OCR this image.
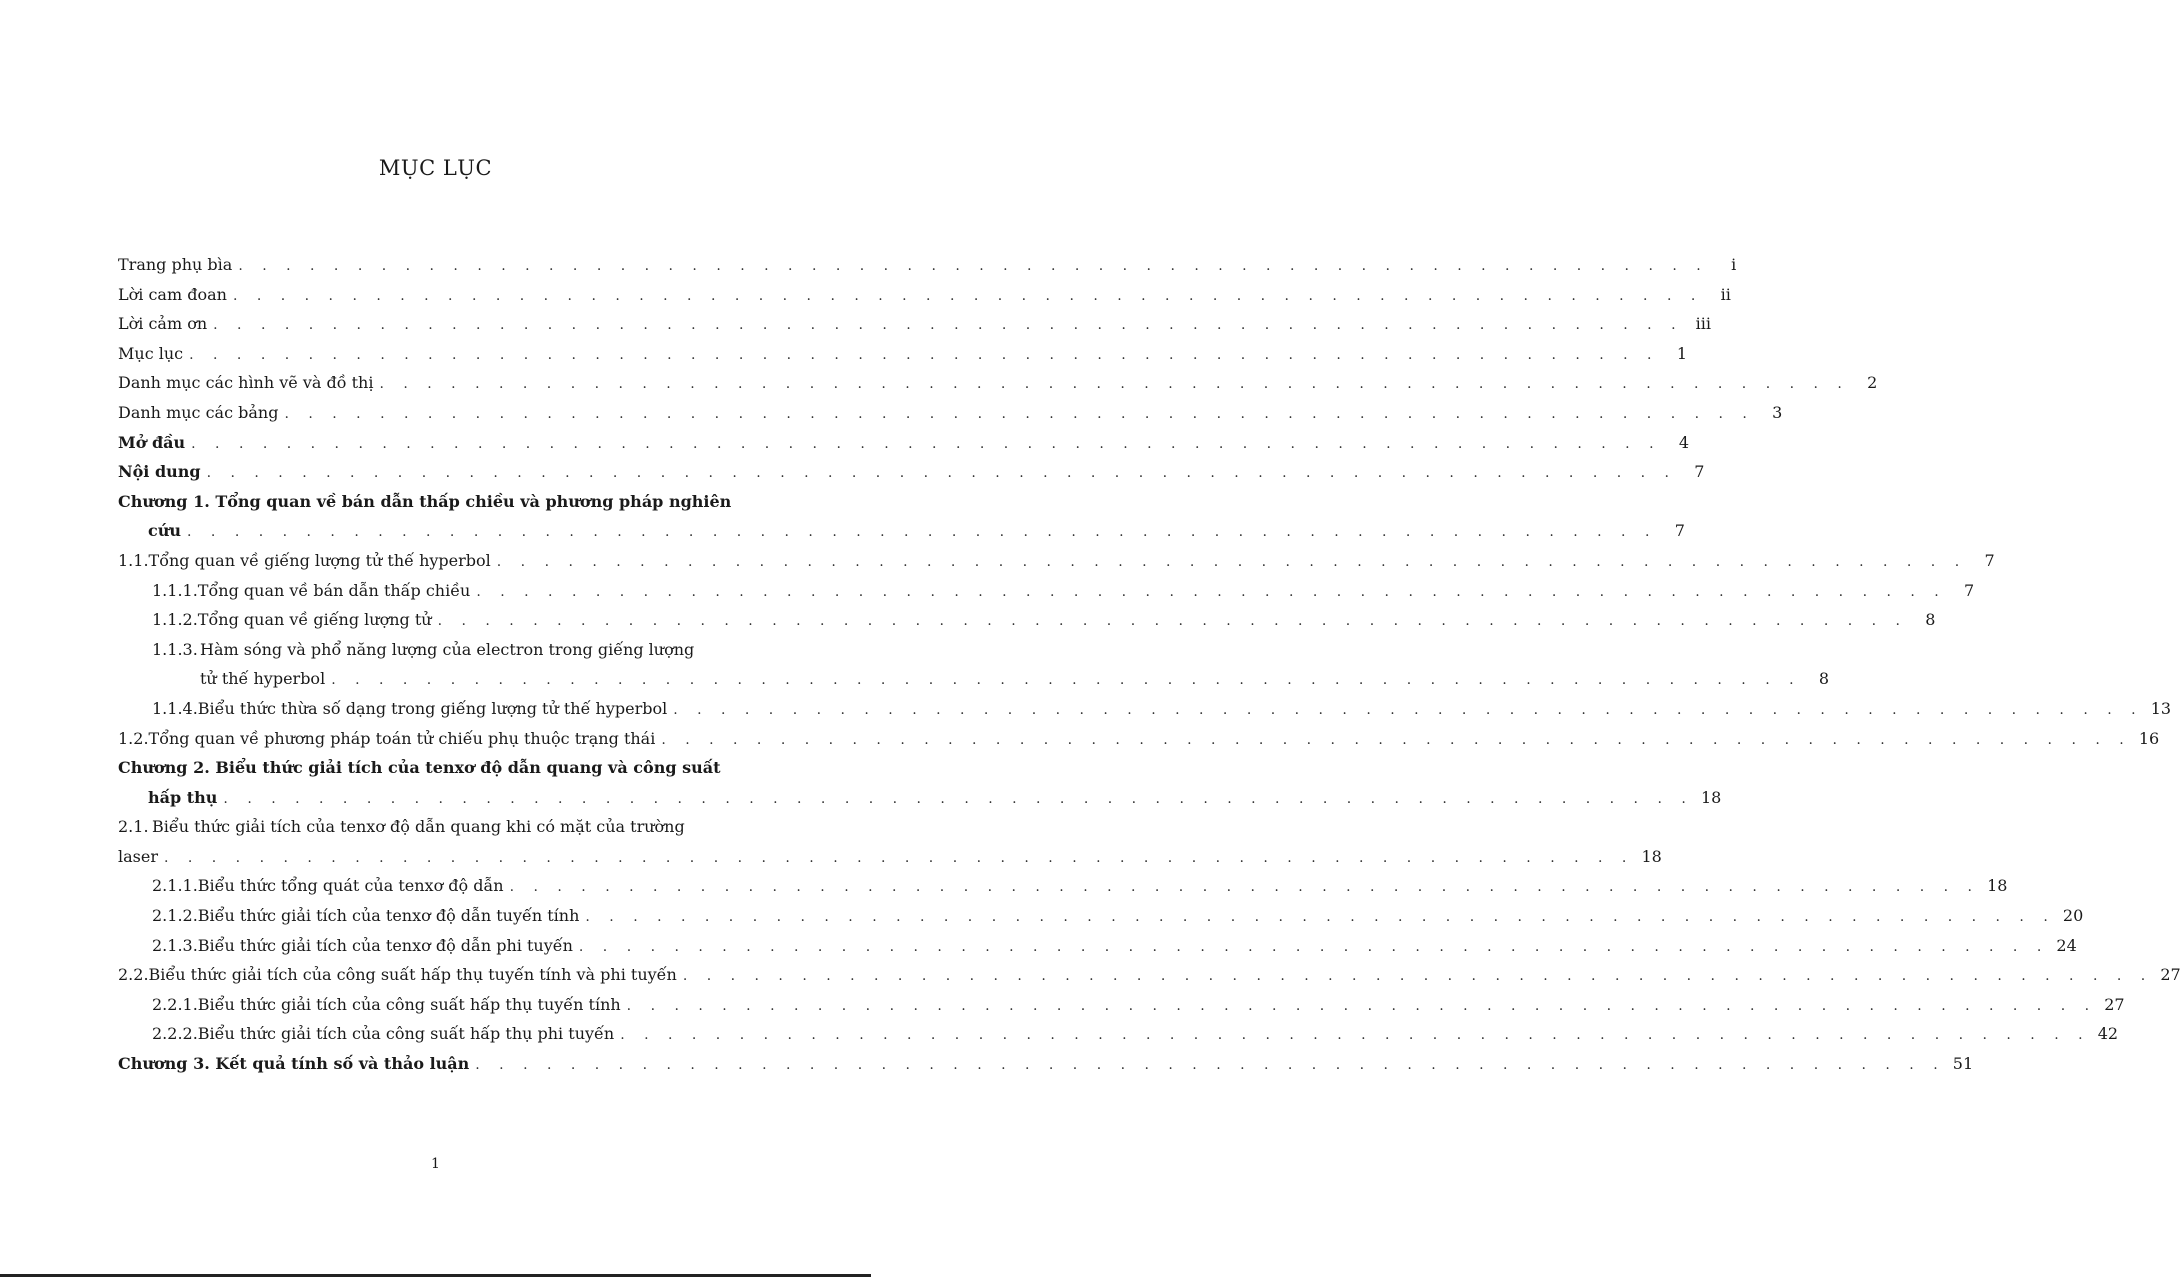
MỤC LỤC
Trang phụ bìa . . . . . . . . . . . . . . . . . . . . . . . . . . . . . . . . . . . . . . . . . . . . . . . . . . . . . . . . . . . . . .	i
Lời cam đoan . . . . . . . . . . . . . . . . . . . . . . . . . . . . . . . . . . . . . . . . . . . . . . . . . . . . . . . . . . . . . .	ii
Lời cảm ơn . . . . . . . . . . . . . . . . . . . . . . . . . . . . . . . . . . . . . . . . . . . . . . . . . . . . . . . . . . . . . . iii
Mục lục . . . . . . . . . . . . . . . . . . . . . . . . . . . . . . . . . . . . . . . . . . . . . . . . . . . . . . . . . . . . . .	1
Danh mục các hình vẽ và đồ thị . . . . . . . . . . . . . . . . . . . . . . . . . . . . . . . . . . . . . . . . . . . . . . . . . . . . . . . . . . . . . .	2
Danh mục các bảng . . . . . . . . . . . . . . . . . . . . . . . . . . . . . . . . . . . . . . . . . . . . . . . . . . . . . . . . . . . . . .	3
Mở đầu . . . . . . . . . . . . . . . . . . . . . . . . . . . . . . . . . . . . . . . . . . . . . . . . . . . . . . . . . . . . . .	4
Nội dung . . . . . . . . . . . . . . . . . . . . . . . . . . . . . . . . . . . . . . . . . . . . . . . . . . . . . . . . . . . . . .	7
Chương 1. Tổng quan về bán dẫn thấp chiều và phương pháp nghiên
cứu . . . . . . . . . . . . . . . . . . . . . . . . . . . . . . . . . . . . . . . . . . . . . . . . . . . . . . . . . . . . . .	7
1.1. Tổng quan về giếng lượng tử thế hyperbol . . . . . . . . . . . . . . . . . . . . . . . . . . . . . . . . . . . . . . . . . . . . . . . . . . . . . . . . . . . . . .	7
1.1.1. Tổng quan về bán dẫn thấp chiều . . . . . . . . . . . . . . . . . . . . . . . . . . . . . . . . . . . . . . . . . . . . . . . . . . . . . . . . . . . . . .	7
1.1.2. Tổng quan về giếng lượng tử . . . . . . . . . . . . . . . . . . . . . . . . . . . . . . . . . . . . . . . . . . . . . . . . . . . . . . . . . . . . . .	8
1.1.3. Hàm sóng và phổ năng lượng của electron trong giếng lượng
tử thế hyperbol . . . . . . . . . . . . . . . . . . . . . . . . . . . . . . . . . . . . . . . . . . . . . . . . . . . . . . . . . . . . . .	8
1.1.4. Biểu thức thừa số dạng trong giếng lượng tử thế hyperbol . . . . . . . . . . . . . . . . . . . . . . . . . . . . . . . . . . . . . . . . . . . . . . . . . . . . . . . . . . . . . . 13
1.2. Tổng quan về phương pháp toán tử chiếu phụ thuộc trạng thái . . . . . . . . . . . . . . . . . . . . . . . . . . . . . . . . . . . . . . . . . . . . . . . . . . . . . . . . . . . . . . 16
Chương 2. Biểu thức giải tích của tenxơ độ dẫn quang và công suất
hấp thụ . . . . . . . . . . . . . . . . . . . . . . . . . . . . . . . . . . . . . . . . . . . . . . . . . . . . . . . . . . . . . . 18
2.1. Biểu thức giải tích của tenxơ độ dẫn quang khi có mặt của trường
laser . . . . . . . . . . . . . . . . . . . . . . . . . . . . . . . . . . . . . . . . . . . . . . . . . . . . . . . . . . . . . . 18
2.1.1. Biểu thức tổng quát của tenxơ độ dẫn . . . . . . . . . . . . . . . . . . . . . . . . . . . . . . . . . . . . . . . . . . . . . . . . . . . . . . . . . . . . . . 18
2.1.2. Biểu thức giải tích của tenxơ độ dẫn tuyến tính . . . . . . . . . . . . . . . . . . . . . . . . . . . . . . . . . . . . . . . . . . . . . . . . . . . . . . . . . . . . . . 20
2.1.3. Biểu thức giải tích của tenxơ độ dẫn phi tuyến . . . . . . . . . . . . . . . . . . . . . . . . . . . . . . . . . . . . . . . . . . . . . . . . . . . . . . . . . . . . . . 24
2.2. Biểu thức giải tích của công suất hấp thụ tuyến tính và phi tuyến . . . . . . . . . . . . . . . . . . . . . . . . . . . . . . . . . . . . . . . . . . . . . . . . . . . . . . . . . . . . . . 27
2.2.1. Biểu thức giải tích của công suất hấp thụ tuyến tính . . . . . . . . . . . . . . . . . . . . . . . . . . . . . . . . . . . . . . . . . . . . . . . . . . . . . . . . . . . . . . 27
2.2.2. Biểu thức giải tích của công suất hấp thụ phi tuyến . . . . . . . . . . . . . . . . . . . . . . . . . . . . . . . . . . . . . . . . . . . . . . . . . . . . . . . . . . . . . . 42
Chương 3. Kết quả tính số và thảo luận . . . . . . . . . . . . . . . . . . . . . . . . . . . . . . . . . . . . . . . . . . . . . . . . . . . . . . . . . . . . . . 51
1
